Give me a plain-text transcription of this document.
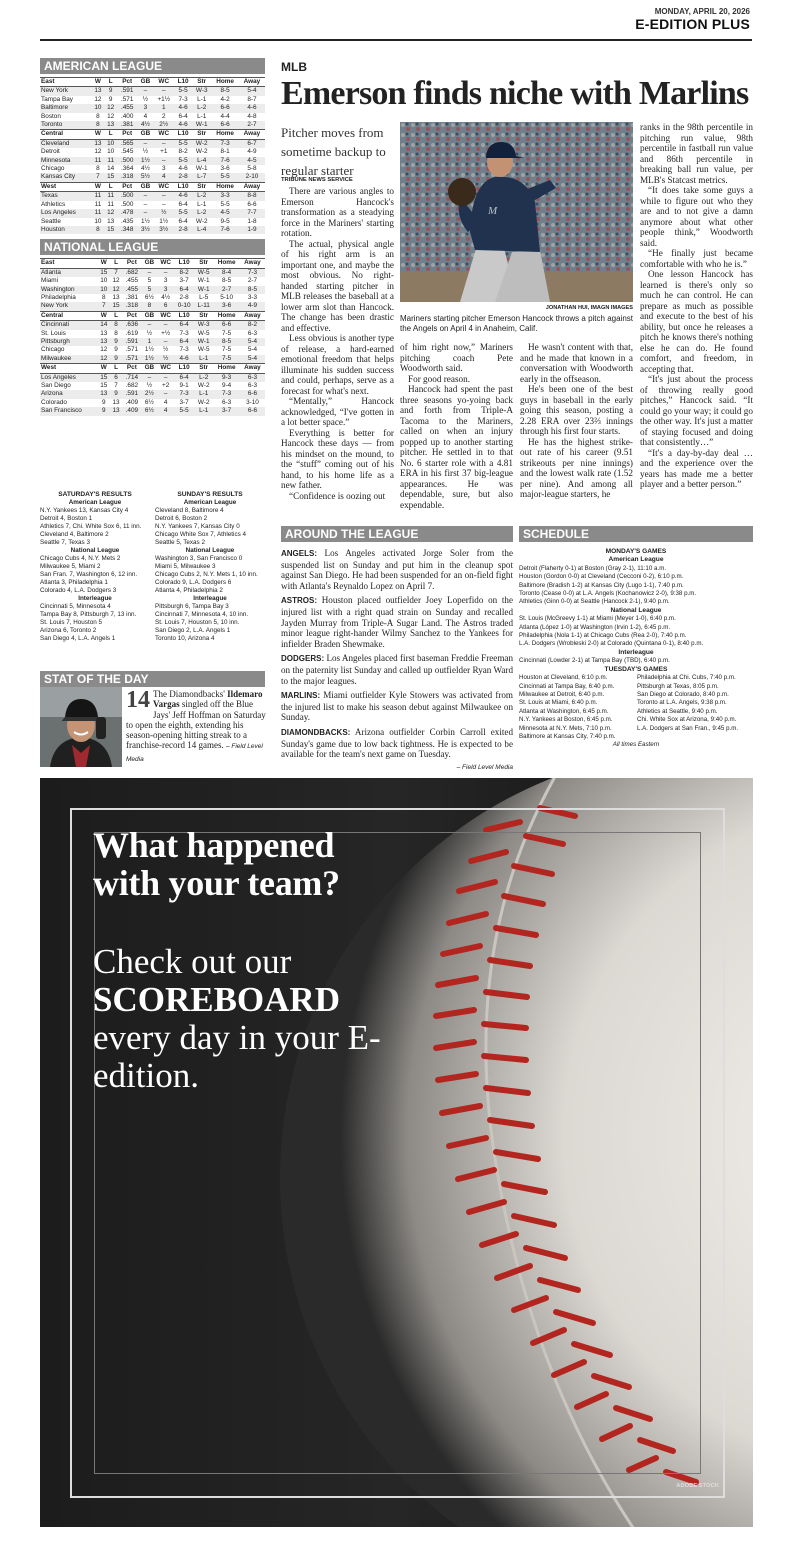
MONDAY, APRIL 20, 2026
E-EDITION PLUS
AMERICAN LEAGUE
East	W	L	Pct	GB	WC	L10	Str	Home	Away
New York	13	9	.591	–	–	5-5	W-3	8-5	5-4
Tampa Bay	12	9	.571	½	+1½	7-3	L-1	4-2	8-7
Baltimore	10	12	.455	3	1	4-6	L-2	6-6	4-6
Boston	8	12	.400	4	2	6-4	L-1	4-4	4-8
Toronto	8	13	.381	4½	2½	4-6	W-1	6-6	2-7
Central	W	L	Pct	GB	WC	L10	Str	Home	Away
Cleveland	13	10	.565	–	–	5-5	W-2	7-3	6-7
Detroit	12	10	.545	½	+1	8-2	W-2	8-1	4-9
Minnesota	11	11	.500	1½	–	5-5	L-4	7-6	4-5
Chicago	8	14	.364	4½	3	4-6	W-1	3-6	5-8
Kansas City	7	15	.318	5½	4	2-8	L-7	5-5	2-10
West	W	L	Pct	GB	WC	L10	Str	Home	Away
Texas	11	11	.500	–	–	4-6	L-2	3-3	8-8
Athletics	11	11	.500	–	–	6-4	L-1	5-5	6-6
Los Angeles	11	12	.478	–	½	5-5	L-2	4-5	7-7
Seattle	10	13	.435	1½	1½	6-4	W-2	9-5	1-8
Houston	8	15	.348	3½	3½	2-8	L-4	7-6	1-9
NATIONAL LEAGUE
East	W	L	Pct	GB	WC	L10	Str	Home	Away
Atlanta	15	7	.682	–	–	8-2	W-5	8-4	7-3
Miami	10	12	.455	5	3	3-7	W-1	8-5	2-7
Washington	10	12	.455	5	3	6-4	W-1	2-7	8-5
Philadelphia	8	13	.381	6½	4½	2-8	L-5	5-10	3-3
New York	7	15	.318	8	6	0-10	L-11	3-6	4-9
Central	W	L	Pct	GB	WC	L10	Str	Home	Away
Cincinnati	14	8	.636	–	–	6-4	W-3	6-6	8-2
St. Louis	13	8	.619	½	+½	7-3	W-5	7-5	6-3
Pittsburgh	13	9	.591	1	–	6-4	W-1	8-5	5-4
Chicago	12	9	.571	1½	½	7-3	W-5	7-5	5-4
Milwaukee	12	9	.571	1½	½	4-6	L-1	7-5	5-4
West	W	L	Pct	GB	WC	L10	Str	Home	Away
Los Angeles	15	6	.714	–	–	6-4	L-2	9-3	6-3
San Diego	15	7	.682	½	+2	9-1	W-2	9-4	6-3
Arizona	13	9	.591	2½	–	7-3	L-1	7-3	6-6
Colorado	9	13	.409	6½	4	3-7	W-2	6-3	3-10
San Francisco	9	13	.409	6½	4	5-5	L-1	3-7	6-6
SATURDAY'S RESULTS
American League
N.Y. Yankees 13, Kansas City 4
Detroit 4, Boston 1
Athletics 7, Chi. White Sox 6, 11 inn.
Cleveland 4, Baltimore 2
Seattle 7, Texas 3
National League
Chicago Cubs 4, N.Y. Mets 2
Milwaukee 5, Miami 2
San Fran. 7, Washington 6, 12 inn.
Atlanta 3, Philadelphia 1
Colorado 4, L.A. Dodgers 3
Interleague
Cincinnati 5, Minnesota 4
Tampa Bay 8, Pittsburgh 7, 13 inn.
St. Louis 7, Houston 5
Arizona 6, Toronto 2
San Diego 4, L.A. Angels 1
SUNDAY'S RESULTS
American League
Cleveland 8, Baltimore 4
Detroit 6, Boston 2
N.Y. Yankees 7, Kansas City 0
Chicago White Sox 7, Athletics 4
Seattle 5, Texas 2
National League
Washington 3, San Francisco 0
Miami 5, Milwaukee 3
Chicago Cubs 2, N.Y. Mets 1, 10 inn.
Colorado 9, L.A. Dodgers 6
Atlanta 4, Philadelphia 2
Interleague
Pittsburgh 6, Tampa Bay 3
Cincinnati 7, Minnesota 4, 10 inn.
St. Louis 7, Houston 5, 10 inn.
San Diego 2, L.A. Angels 1
Toronto 10, Arizona 4
STAT OF THE DAY
14 The Diamondbacks' Ildemaro Vargas singled off the Blue Jays' Jeff Hoffman on Saturday to open the eighth, extending his season-opening hitting streak to a franchise-record 14 games. – Field Level Media
MLB
Emerson finds niche with Marlins
Pitcher moves from sometime backup to regular starter
TRIBUNE NEWS SERVICE

There are various angles to Emerson Hancock's transformation as a steadying force in the Mariners' starting rotation.

The actual, physical angle of his right arm is an important one, and maybe the most obvious. No right-handed starting pitcher in MLB releases the baseball at a lower arm slot than Hancock. The change has been drastic and effective.

Less obvious is another type of release, a hard-earned emotional freedom that helps illuminate his sudden success and could, perhaps, serve as a forecast for what's next.

“Mentally,” Hancock acknowledged, “I've gotten in a lot better space.”

Everything is better for Hancock these days — from his mindset on the mound, to the “stuff” coming out of his hand, to his home life as a new father.

“Confidence is oozing out

M
JONATHAN HUI, IMAGN IMAGES
Mariners starting pitcher Emerson Hancock throws a pitch against the Angels on April 4 in Anaheim, Calif.

of him right now,” Mariners pitching coach Pete Woodworth said.

For good reason.

Hancock had spent the past three seasons yo-yoing back and forth from Triple-A Tacoma to the Mariners, called on when an injury popped up to another starting pitcher. He settled in to that No. 6 starter role with a 4.81 ERA in his first 37 big-league appearances. He was dependable, sure, but also expendable.

He wasn't content with that, and he made that known in a conversation with Woodworth early in the offseason.

He's been one of the best guys in baseball in the early going this season, posting a 2.28 ERA over 23⅔ innings through his first four starts.

He has the highest strike-out rate of his career (9.51 strikeouts per nine innings) and the lowest walk rate (1.52 per nine). And among all major-league starters, he

ranks in the 98th percentile in pitching run value, 98th percentile in fastball run value and 86th percentile in breaking ball run value, per MLB's Statcast metrics.

“It does take some guys a while to figure out who they are and to not give a damn anymore about what other people think,” Woodworth said.

“He finally just became comfortable with who he is.”

One lesson Hancock has learned is there's only so much he can control. He can prepare as much as possible and execute to the best of his ability, but once he releases a pitch he knows there's nothing else he can do. He found comfort, and freedom, in accepting that.

“It's just about the process of throwing really good pitches,” Hancock said. “It could go your way; it could go the other way. It's just a matter of staying focused and doing that consistently…”

“It's a day-by-day deal … and the experience over the years has made me a better player and a better person.”

AROUND THE LEAGUE
ANGELS: Los Angeles activated Jorge Soler from the suspended list on Sunday and put him in the cleanup spot against San Diego. He had been suspended for an on-field fight with Atlanta's Reynaldo Lopez on April 7.
ASTROS: Houston placed outfielder Joey Loperfido on the injured list with a right quad strain on Sunday and recalled Jayden Murray from Triple-A Sugar Land. The Astros traded minor league right-hander Wilmy Sanchez to the Yankees for infielder Braden Shewmake.
DODGERS: Los Angeles placed first baseman Freddie Freeman on the paternity list Sunday and called up outfielder Ryan Ward to the major leagues.
MARLINS: Miami outfielder Kyle Stowers was activated from the injured list to make his season debut against Milwaukee on Sunday.
DIAMONDBACKS: Arizona outfielder Corbin Carroll exited Sunday's game due to low back tightness. He is expected to be available for the team's next game on Tuesday.
– Field Level Media
SCHEDULE
MONDAY'S GAMES
American League
Detroit (Flaherty 0-1) at Boston (Gray 2-1), 11:10 a.m.
Houston (Gordon 0-0) at Cleveland (Cecconi 0-2), 6:10 p.m.
Baltimore (Bradish 1-2) at Kansas City (Lugo 1-1), 7:40 p.m.
Toronto (Cease 0-0) at L.A. Angels (Kochanowicz 2-0), 9:38 p.m.
Athletics (Ginn 0-0) at Seattle (Hancock 2-1), 9:40 p.m.
National League
St. Louis (McGreevy 1-1) at Miami (Meyer 1-0), 6:40 p.m.
Atlanta (López 1-0) at Washington (Irvin 1-2), 6:45 p.m.
Philadelphia (Nola 1-1) at Chicago Cubs (Rea 2-0), 7:40 p.m.
L.A. Dodgers (Wrobleski 2-0) at Colorado (Quintana 0-1), 8:40 p.m.
Interleague
Cincinnati (Lowder 2-1) at Tampa Bay (TBD), 6:40 p.m.
TUESDAY'S GAMES
Houston at Cleveland, 6:10 p.m.
Cincinnati at Tampa Bay, 6:40 p.m.
Milwaukee at Detroit, 6:40 p.m.
St. Louis at Miami, 6:40 p.m.
Atlanta at Washington, 6:45 p.m.
N.Y. Yankees at Boston, 6:45 p.m.
Minnesota at N.Y. Mets, 7:10 p.m.
Baltimore at Kansas City, 7:40 p.m.
Philadelphia at Chi. Cubs, 7:40 p.m.
Pittsburgh at Texas, 8:05 p.m.
San Diego at Colorado, 8:40 p.m.
Toronto at L.A. Angels, 9:38 p.m.
Athletics at Seattle, 9:40 p.m.
Chi. White Sox at Arizona, 9:40 p.m.
L.A. Dodgers at San Fran., 9:45 p.m.
All times Eastern
What happened with your team?
Check out our
SCOREBOARD
every day in your E-edition.
ADOBE STOCK
